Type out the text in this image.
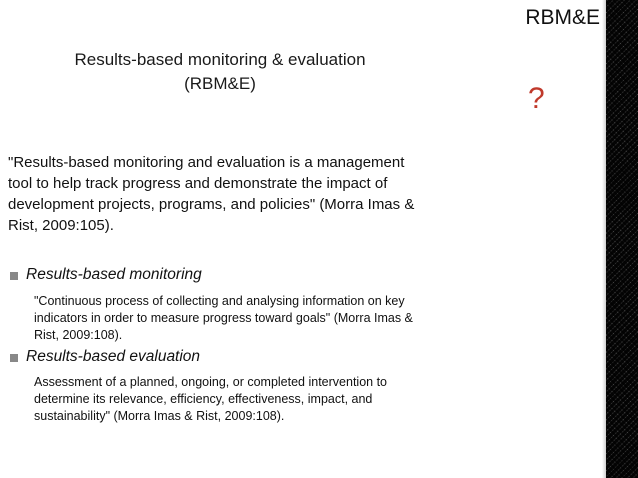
RBM&E
?
Results-based monitoring & evaluation
(RBM&E)
"Results-based monitoring and evaluation is a management tool to help track progress and demonstrate the impact of development projects, programs, and policies" (Morra Imas & Rist, 2009:105).
Results-based monitoring
"Continuous process of collecting and analysing information on key indicators in order to measure progress toward goals" (Morra Imas & Rist, 2009:108).
Results-based evaluation
Assessment of a planned, ongoing, or completed intervention to determine its relevance, efficiency, effectiveness, impact, and sustainability" (Morra Imas & Rist, 2009:108).
